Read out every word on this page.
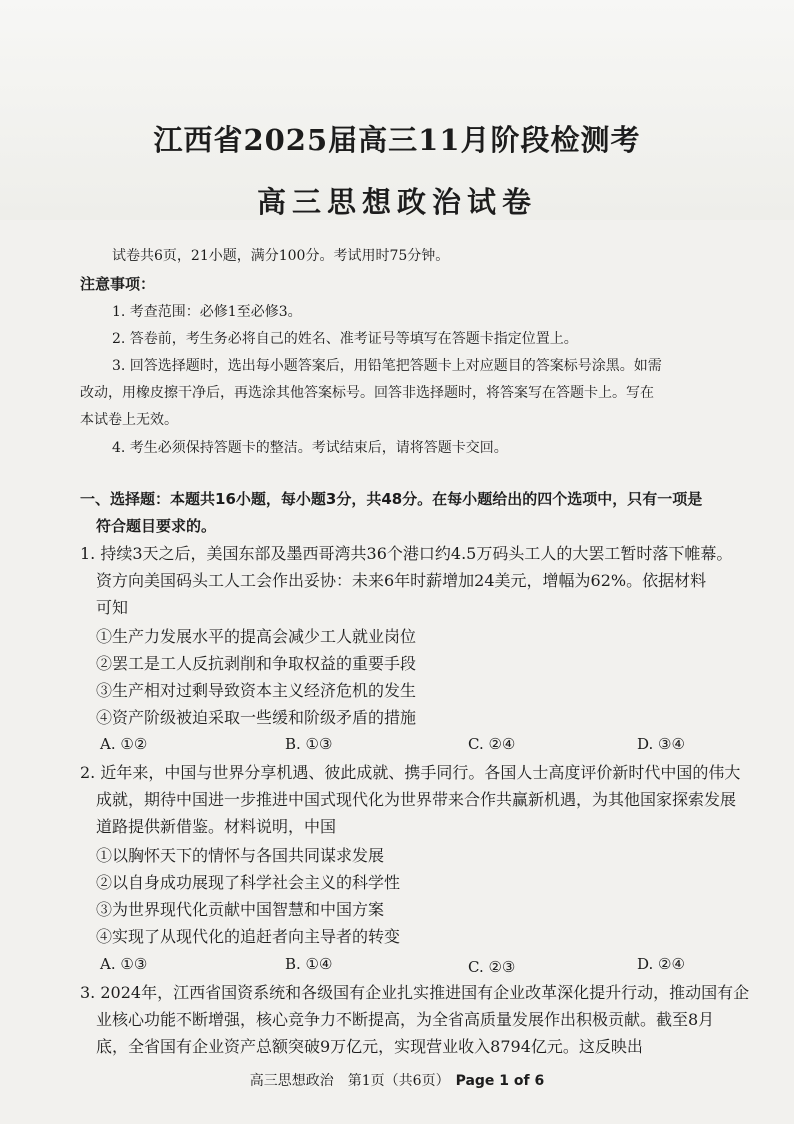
江西省2025届高三11月阶段检测考
高三思想政治试卷
试卷共6页，21小题，满分100分。考试用时75分钟。
注意事项：
1. 考查范围：必修1至必修3。
2. 答卷前，考生务必将自己的姓名、准考证号等填写在答题卡指定位置上。
3. 回答选择题时，选出每小题答案后，用铅笔把答题卡上对应题目的答案标号涂黑。如需
改动，用橡皮擦干净后，再选涂其他答案标号。回答非选择题时，将答案写在答题卡上。写在
本试卷上无效。
4. 考生必须保持答题卡的整洁。考试结束后，请将答题卡交回。
一、选择题：本题共16小题，每小题3分，共48分。在每小题给出的四个选项中，只有一项是
符合题目要求的。
1. 持续3天之后，美国东部及墨西哥湾共36个港口约4.5万码头工人的大罢工暂时落下帷幕。
资方向美国码头工人工会作出妥协：未来6年时薪增加24美元，增幅为62%。依据材料
可知
①生产力发展水平的提高会减少工人就业岗位
②罢工是工人反抗剥削和争取权益的重要手段
③生产相对过剩导致资本主义经济危机的发生
④资产阶级被迫采取一些缓和阶级矛盾的措施
A. ①②	B. ①③	C. ②④	D. ③④
2. 近年来，中国与世界分享机遇、彼此成就、携手同行。各国人士高度评价新时代中国的伟大
成就，期待中国进一步推进中国式现代化为世界带来合作共赢新机遇，为其他国家探索发展
道路提供新借鉴。材料说明，中国
①以胸怀天下的情怀与各国共同谋求发展
②以自身成功展现了科学社会主义的科学性
③为世界现代化贡献中国智慧和中国方案
④实现了从现代化的追赶者向主导者的转变
A. ①③	B. ①④	C. ②③	D. ②④
3. 2024年，江西省国资系统和各级国有企业扎实推进国有企业改革深化提升行动，推动国有企
业核心功能不断增强，核心竞争力不断提高，为全省高质量发展作出积极贡献。截至8月
底，全省国有企业资产总额突破9万亿元，实现营业收入8794亿元。这反映出
高三思想政治　第1页（共6页） Page 1 of 6
